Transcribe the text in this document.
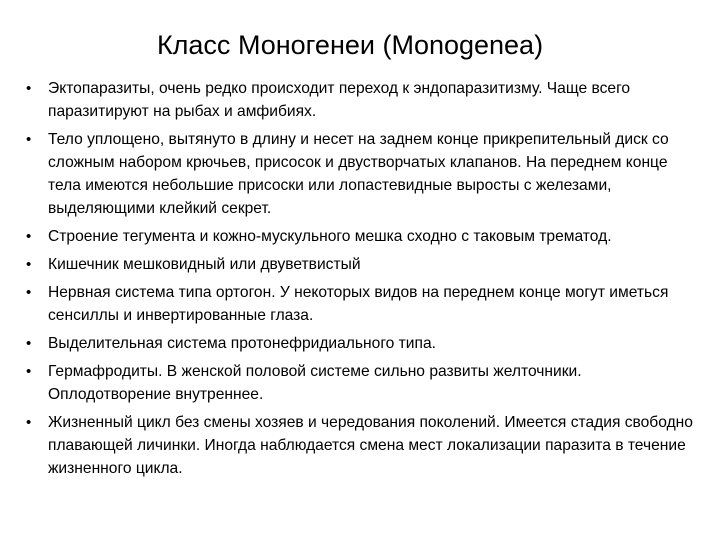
Класс Моногенеи (Monogenea)
• Эктопаразиты, очень редко происходит переход к эндопаразитизму. Чаще всего паразитируют на рыбах и амфибиях.
• Тело уплощено, вытянуто в длину и несет на заднем конце прикрепительный диск со сложным набором крючьев, присосок и двустворчатых клапанов. На переднем конце тела имеются небольшие присоски или лопастевидные выросты с железами, выделяющими клейкий секрет.
• Строение тегумента и кожно-мускульного мешка сходно с таковым трематод.
• Кишечник мешковидный или двуветвистый
• Нервная система типа ортогон. У некоторых видов на переднем конце могут иметься сенсиллы и инвертированные глаза.
• Выделительная система протонефридиального типа.
• Гермафродиты. В женской половой системе сильно развиты желточники. Оплодотворение внутреннее.
• Жизненный цикл без смены хозяев и чередования поколений. Имеется стадия свободно плавающей личинки. Иногда наблюдается смена мест локализации паразита в течение жизненного цикла.
